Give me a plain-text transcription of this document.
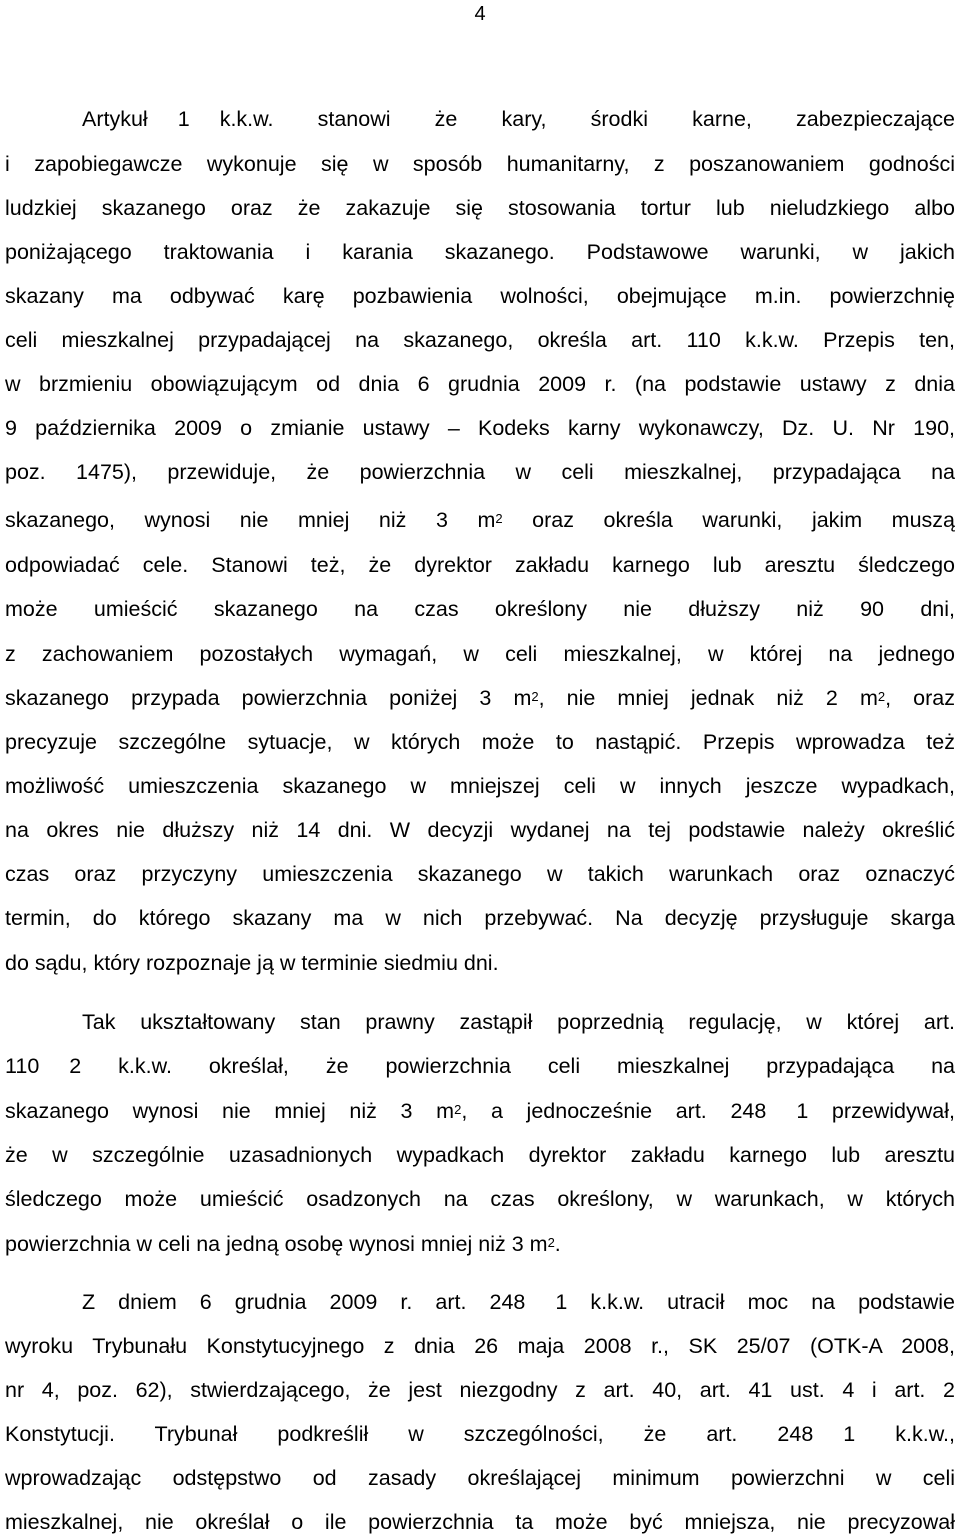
4
Artykuł 1 k.k.w. stanowi że kary, środki karne, zabezpieczające
i zapobiegawcze wykonuje się w sposób humanitarny, z poszanowaniem godności
ludzkiej skazanego oraz że zakazuje się stosowania tortur lub nieludzkiego albo
poniżającego traktowania i karania skazanego. Podstawowe warunki, w jakich
skazany ma odbywać karę pozbawienia wolności, obejmujące m.in. powierzchnię
celi mieszkalnej przypadającej na skazanego, określa art. 110 k.k.w. Przepis ten,
w brzmieniu obowiązującym od dnia 6 grudnia 2009 r. (na podstawie ustawy z dnia
9 października 2009 o zmianie ustawy – Kodeks karny wykonawczy, Dz. U. Nr 190,
poz. 1475), przewiduje, że powierzchnia w celi mieszkalnej, przypadająca na
skazanego, wynosi nie mniej niż 3 $m^2$ oraz określa warunki, jakim muszą
odpowiadać cele. Stanowi też, że dyrektor zakładu karnego lub aresztu śledczego
może umieścić skazanego na czas określony nie dłuższy niż 90 dni,
z zachowaniem pozostałych wymagań, w celi mieszkalnej, w której na jednego
skazanego przypada powierzchnia poniżej 3 $m^2$, nie mniej jednak niż 2 $m^2$, oraz
precyzuje szczególne sytuacje, w których może to nastąpić. Przepis wprowadza też
możliwość umieszczenia skazanego w mniejszej celi w innych jeszcze wypadkach,
na okres nie dłuższy niż 14 dni. W decyzji wydanej na tej podstawie należy określić
czas oraz przyczyny umieszczenia skazanego w takich warunkach oraz oznaczyć
termin, do którego skazany ma w nich przebywać. Na decyzję przysługuje skarga
do sądu, który rozpoznaje ją w terminie siedmiu dni.
Tak ukształtowany stan prawny zastąpił poprzednią regulację, w której art.
110 2 k.k.w. określał, że powierzchnia celi mieszkalnej przypadająca na
skazanego wynosi nie mniej niż 3 $m^2$, a jednocześnie art. 248 1 przewidywał,
że w szczególnie uzasadnionych wypadkach dyrektor zakładu karnego lub aresztu
śledczego może umieścić osadzonych na czas określony, w warunkach, w których
powierzchnia w celi na jedną osobę wynosi mniej niż 3 $m^2$.
Z dniem 6 grudnia 2009 r. art. 248 1 k.k.w. utracił moc na podstawie
wyroku Trybunału Konstytucyjnego z dnia 26 maja 2008 r., SK 25/07 (OTK-A 2008,
nr 4, poz. 62), stwierdzającego, że jest niezgodny z art. 40, art. 41 ust. 4 i art. 2
Konstytucji. Trybunał podkreślił w szczególności, że art. 248 1 k.k.w.,
wprowadzając odstępstwo od zasady określającej minimum powierzchni w celi
mieszkalnej, nie określał o ile powierzchnia ta może być mniejsza, nie precyzował
